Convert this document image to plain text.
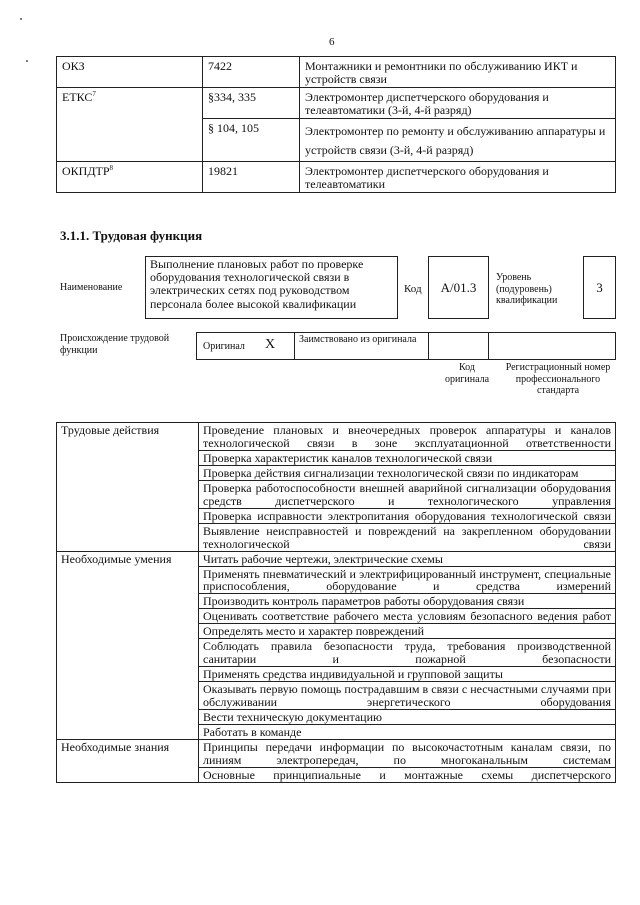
6
ОКЗ	7422	Монтажники и ремонтники по обслуживанию ИКТ и устройств связи
ЕТКС$^7$	§334, 335	Электромонтер диспетчерского оборудования и телеавтоматики (3-й, 4-й разряд)
	§ 104, 105	Электромонтер по ремонту и обслуживанию аппаратуры и устройств связи (3-й, 4-й разряд)
ОКПДТР$^8$	19821	Электромонтер диспетчерского оборудования и телеавтоматики
3.1.1. Трудовая функция
Наименование
Выполнение плановых работ по проверке оборудования технологической связи в электрических сетях под руководством персонала более высокой квалификации
Код	А/01.3
Уровень (подуровень) квалификации
3
Происхождение трудовой функции	Оригинал X Заимствовано из оригинала
Код оригинала
Регистрационный номер профессионального стандарта
Трудовые действия	Проведение плановых и внеочередных проверок аппаратуры и каналов технологической связи в зоне эксплуатационной ответственности
	Проверка характеристик каналов технологической связи
	Проверка действия сигнализации технологической связи по индикаторам
	Проверка работоспособности внешней аварийной сигнализации оборудования средств диспетчерского и технологического управления
	Проверка исправности электропитания оборудования технологической связи
	Выявление неисправностей и повреждений на закрепленном оборудовании технологической связи
Необходимые умения	Читать рабочие чертежи, электрические схемы
	Применять пневматический и электрифицированный инструмент, специальные приспособления, оборудование и средства измерений
	Производить контроль параметров работы оборудования связи
	Оценивать соответствие рабочего места условиям безопасного ведения работ
	Определять место и характер повреждений
	Соблюдать правила безопасности труда, требования производственной санитарии и пожарной безопасности
	Применять средства индивидуальной и групповой защиты
	Оказывать первую помощь пострадавшим в связи с несчастными случаями при обслуживании энергетического оборудования
	Вести техническую документацию
	Работать в команде
Необходимые знания	Принципы передачи информации по высокочастотным каналам связи, по линиям электропередач, по многоканальным системам
	Основные принципиальные и монтажные схемы диспетчерского
